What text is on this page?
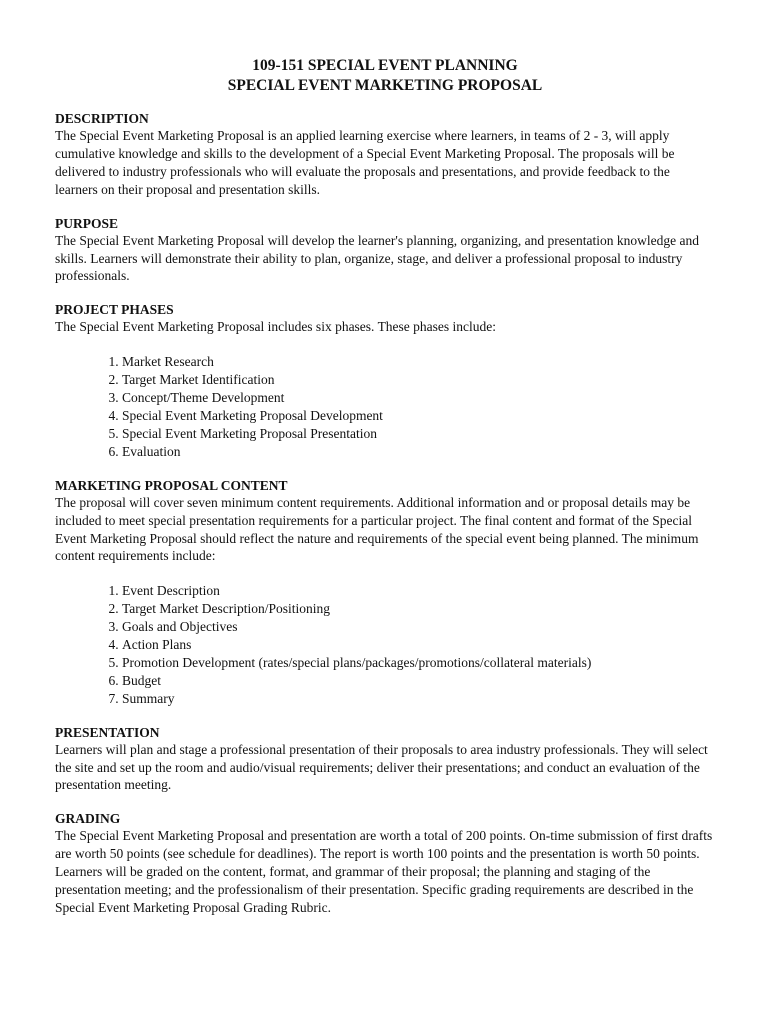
109-151 SPECIAL EVENT PLANNING

SPECIAL EVENT MARKETING PROPOSAL

DESCRIPTION

The Special Event Marketing Proposal is an applied learning exercise where learners, in teams of 2 - 3, will apply cumulative knowledge and skills to the development of a Special Event Marketing Proposal. The proposals will be delivered to industry professionals who will evaluate the proposals and presentations, and provide feedback to the learners on their proposal and presentation skills.

PURPOSE

The Special Event Marketing Proposal will develop the learner's planning, organizing, and presentation knowledge and skills. Learners will demonstrate their ability to plan, organize, stage, and deliver a professional proposal to industry professionals.

PROJECT PHASES

The Special Event Marketing Proposal includes six phases. These phases include:

1. Market Research
2. Target Market Identification
3. Concept/Theme Development
4. Special Event Marketing Proposal Development
5. Special Event Marketing Proposal Presentation
6. Evaluation

MARKETING PROPOSAL CONTENT

The proposal will cover seven minimum content requirements. Additional information and or proposal details may be included to meet special presentation requirements for a particular project. The final content and format of the Special Event Marketing Proposal should reflect the nature and requirements of the special event being planned. The minimum content requirements include:

1. Event Description
2. Target Market Description/Positioning
3. Goals and Objectives
4. Action Plans
5. Promotion Development (rates/special plans/packages/promotions/collateral materials)
6. Budget
7. Summary

PRESENTATION

Learners will plan and stage a professional presentation of their proposals to area industry professionals. They will select the site and set up the room and audio/visual requirements; deliver their presentations; and conduct an evaluation of the presentation meeting.

GRADING

The Special Event Marketing Proposal and presentation are worth a total of 200 points. On-time submission of first drafts are worth 50 points (see schedule for deadlines). The report is worth 100 points and the presentation is worth 50 points. Learners will be graded on the content, format, and grammar of their proposal; the planning and staging of the presentation meeting; and the professionalism of their presentation. Specific grading requirements are described in the Special Event Marketing Proposal Grading Rubric.
